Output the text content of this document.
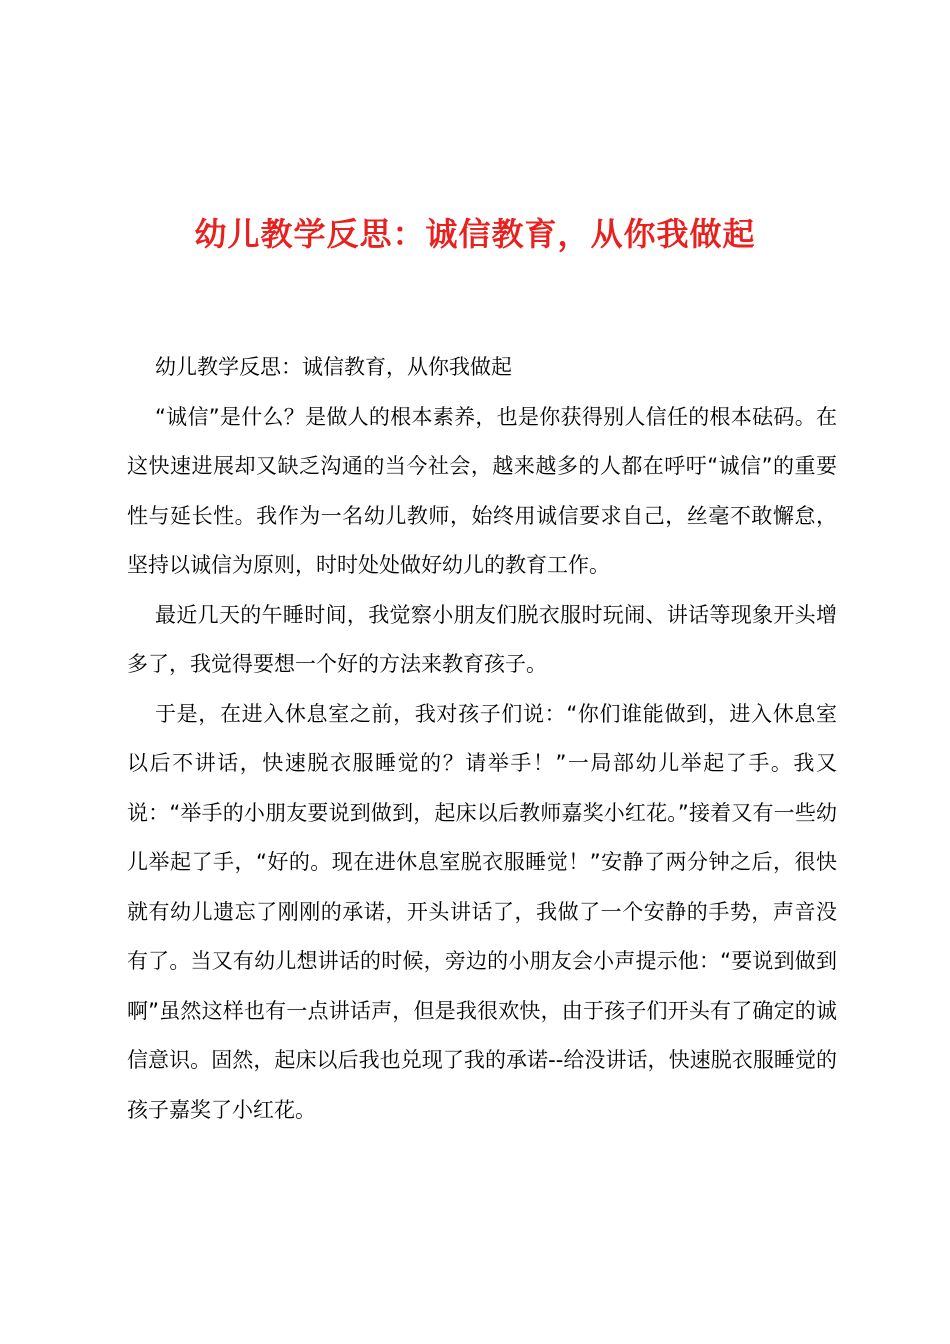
幼儿教学反思：诚信教育，从你我做起

幼儿教学反思：诚信教育，从你我做起

“诚信”是什么？是做人的根本素养，也是你获得别人信任的根本砝码。在这快速进展却又缺乏沟通的当今社会，越来越多的人都在呼吁“诚信”的重要性与延长性。我作为一名幼儿教师，始终用诚信要求自己，丝毫不敢懈怠，坚持以诚信为原则，时时处处做好幼儿的教育工作。

最近几天的午睡时间，我觉察小朋友们脱衣服时玩闹、讲话等现象开头增多了，我觉得要想一个好的方法来教育孩子。

于是，在进入休息室之前，我对孩子们说：“你们谁能做到，进入休息室以后不讲话，快速脱衣服睡觉的？请举手！”一局部幼儿举起了手。我又说：“举手的小朋友要说到做到，起床以后教师嘉奖小红花。”接着又有一些幼儿举起了手，“好的。现在进休息室脱衣服睡觉！”安静了两分钟之后，很快就有幼儿遗忘了刚刚的承诺，开头讲话了，我做了一个安静的手势，声音没有了。当又有幼儿想讲话的时候，旁边的小朋友会小声提示他：“要说到做到啊”虽然这样也有一点讲话声，但是我很欢快，由于孩子们开头有了确定的诚信意识。固然，起床以后我也兑现了我的承诺--给没讲话，快速脱衣服睡觉的孩子嘉奖了小红花。
